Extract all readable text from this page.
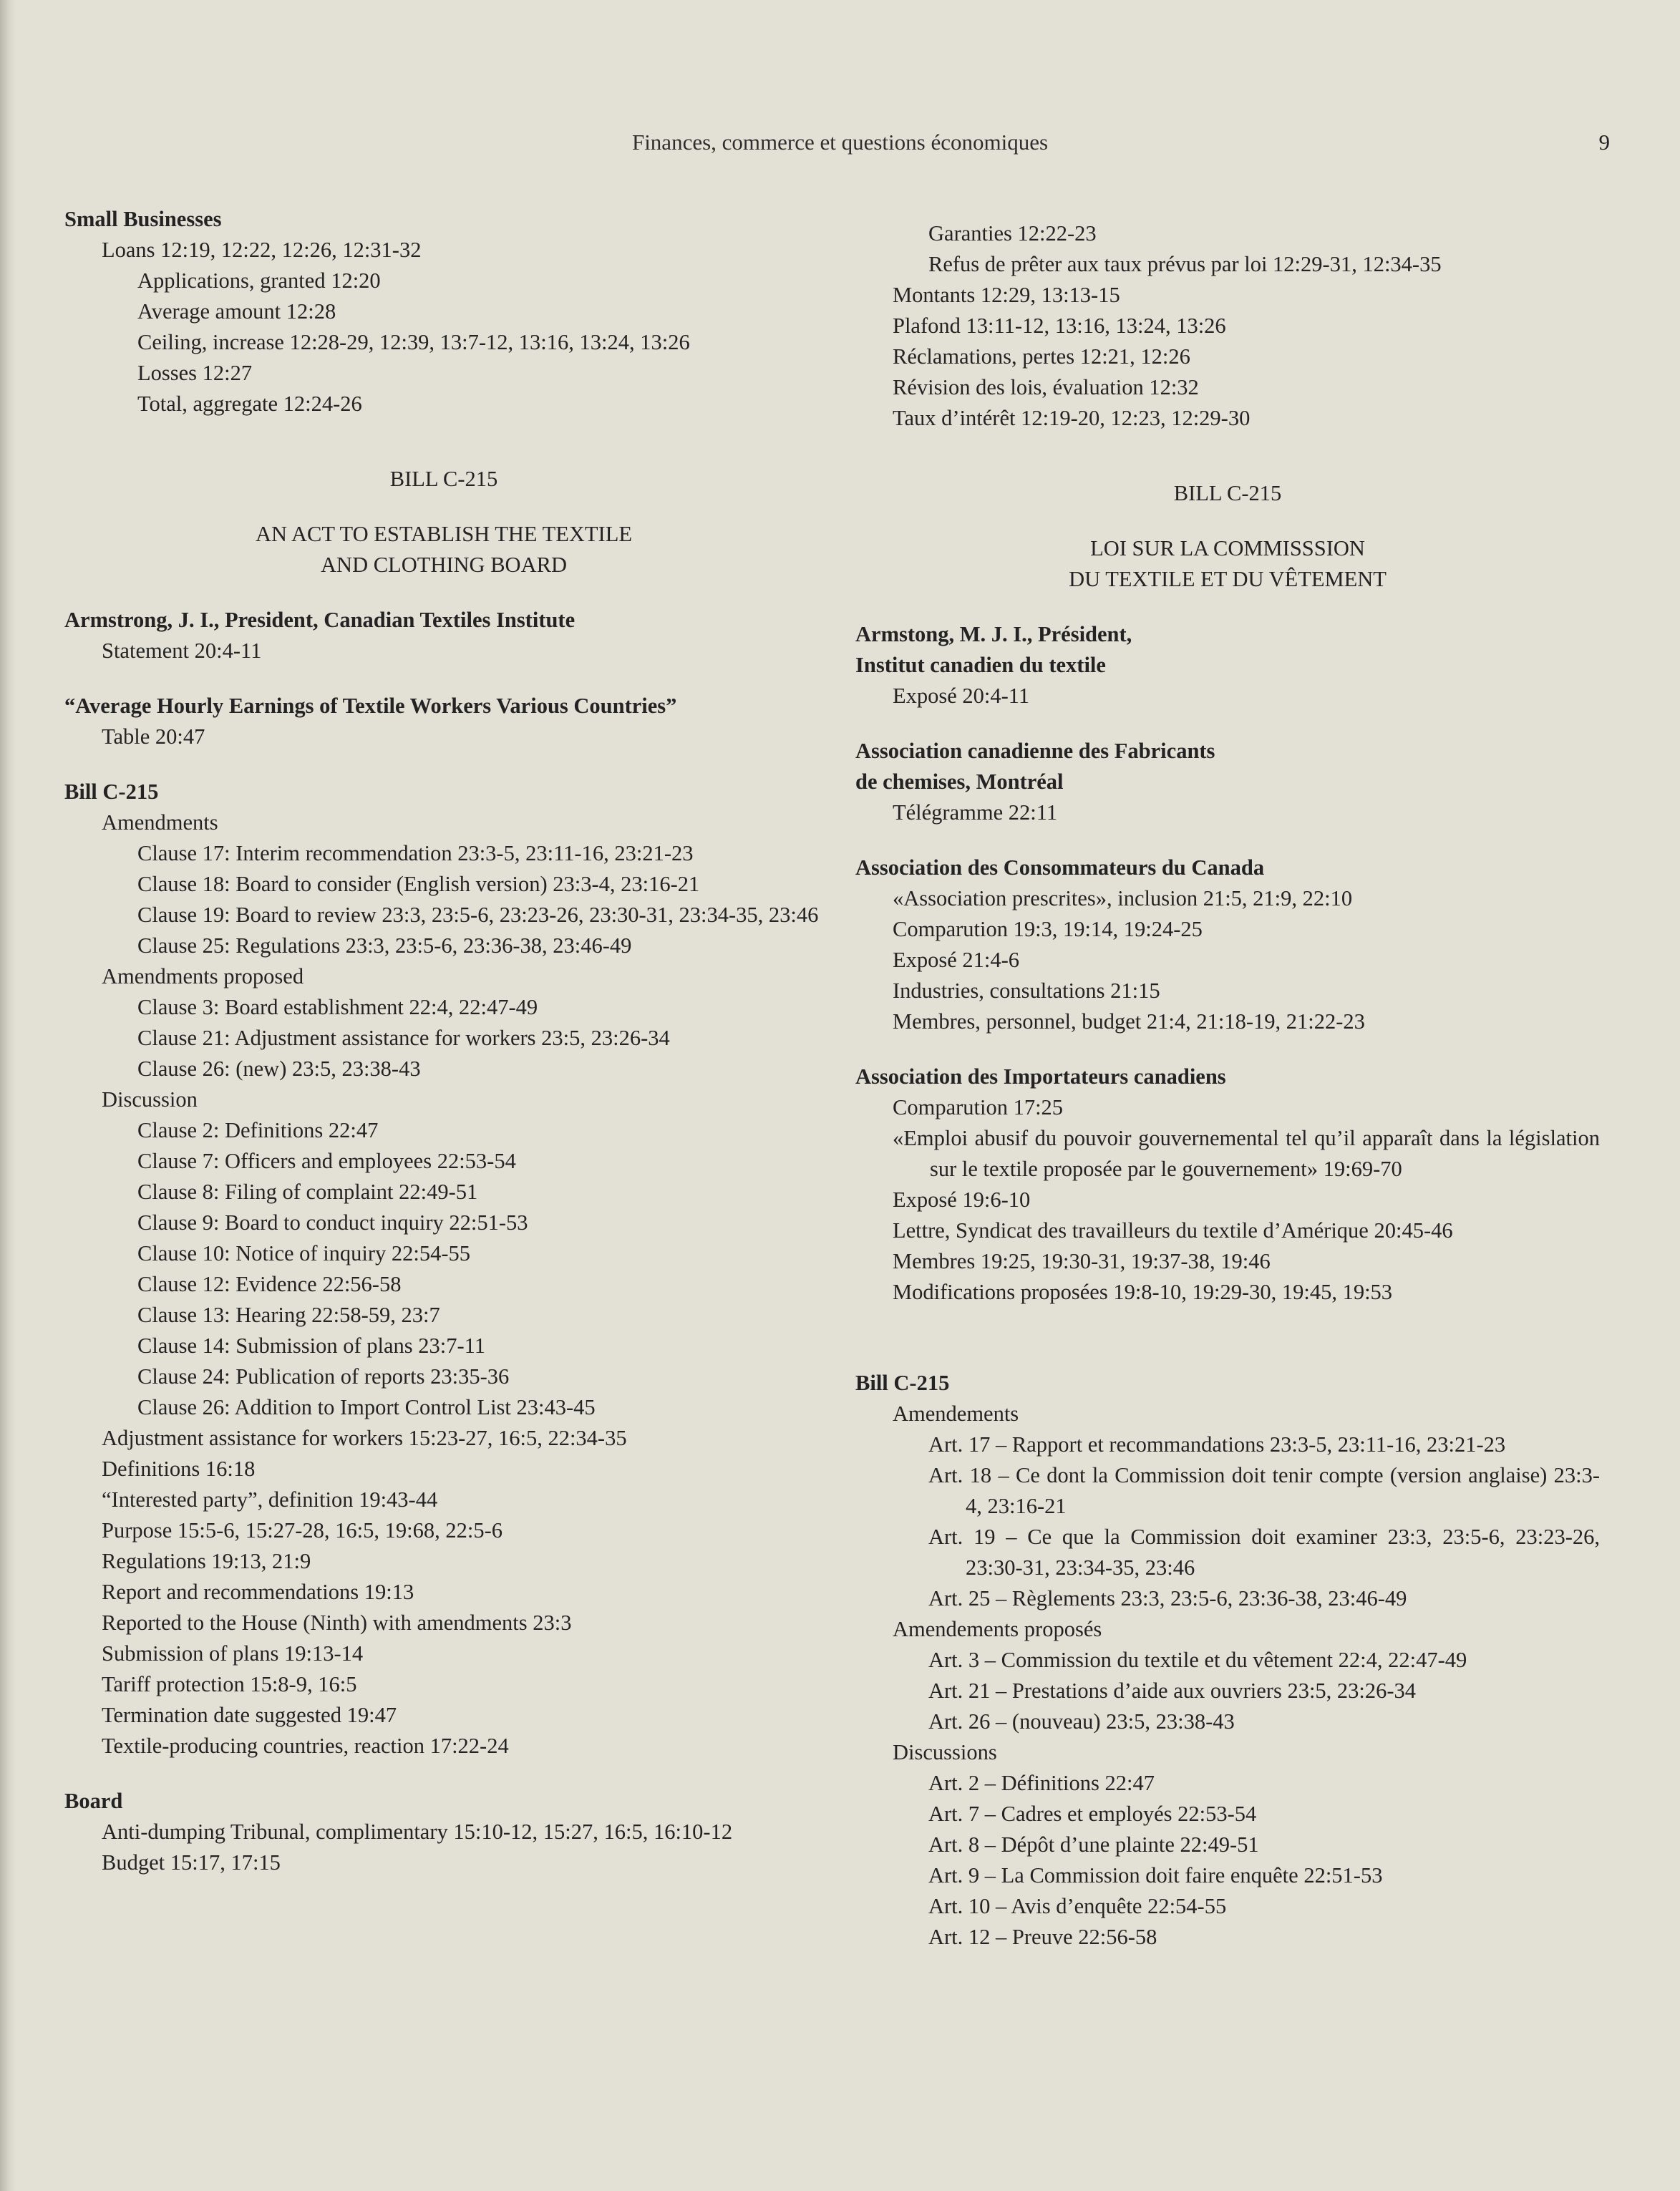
Finances, commerce et questions économiques	9
Small Businesses
Loans 12:19, 12:22, 12:26, 12:31-32
Applications, granted 12:20
Average amount 12:28
Ceiling, increase 12:28-29, 12:39, 13:7-12, 13:16, 13:24, 13:26
Losses 12:27
Total, aggregate 12:24-26
BILL C-215
AN ACT TO ESTABLISH THE TEXTILE
AND CLOTHING BOARD
Armstrong, J. I., President, Canadian Textiles Institute
Statement 20:4-11
“Average Hourly Earnings of Textile Workers Various Countries”
Table 20:47
Bill C-215
Amendments
Clause 17: Interim recommendation 23:3-5, 23:11-16, 23:21-23
Clause 18: Board to consider (English version) 23:3-4, 23:16-21
Clause 19: Board to review 23:3, 23:5-6, 23:23-26, 23:30-31, 23:34-35, 23:46
Clause 25: Regulations 23:3, 23:5-6, 23:36-38, 23:46-49
Amendments proposed
Clause 3: Board establishment 22:4, 22:47-49
Clause 21: Adjustment assistance for workers 23:5, 23:26-34
Clause 26: (new) 23:5, 23:38-43
Discussion
Clause 2: Definitions 22:47
Clause 7: Officers and employees 22:53-54
Clause 8: Filing of complaint 22:49-51
Clause 9: Board to conduct inquiry 22:51-53
Clause 10: Notice of inquiry 22:54-55
Clause 12: Evidence 22:56-58
Clause 13: Hearing 22:58-59, 23:7
Clause 14: Submission of plans 23:7-11
Clause 24: Publication of reports 23:35-36
Clause 26: Addition to Import Control List 23:43-45
Adjustment assistance for workers 15:23-27, 16:5, 22:34-35
Definitions 16:18
“Interested party”, definition 19:43-44
Purpose 15:5-6, 15:27-28, 16:5, 19:68, 22:5-6
Regulations 19:13, 21:9
Report and recommendations 19:13
Reported to the House (Ninth) with amendments 23:3
Submission of plans 19:13-14
Tariff protection 15:8-9, 16:5
Termination date suggested 19:47
Textile-producing countries, reaction 17:22-24
Board
Anti-dumping Tribunal, complimentary 15:10-12, 15:27, 16:5, 16:10-12
Budget 15:17, 17:15
Garanties 12:22-23
Refus de prêter aux taux prévus par loi 12:29-31, 12:34-35
Montants 12:29, 13:13-15
Plafond 13:11-12, 13:16, 13:24, 13:26
Réclamations, pertes 12:21, 12:26
Révision des lois, évaluation 12:32
Taux d’intérêt 12:19-20, 12:23, 12:29-30
BILL C-215
LOI SUR LA COMMISSSION
DU TEXTILE ET DU VÊTEMENT
Armstong, M. J. I., Président,
Institut canadien du textile
Exposé 20:4-11
Association canadienne des Fabricants
de chemises, Montréal
Télégramme 22:11
Association des Consommateurs du Canada
«Association prescrites», inclusion 21:5, 21:9, 22:10
Comparution 19:3, 19:14, 19:24-25
Exposé 21:4-6
Industries, consultations 21:15
Membres, personnel, budget 21:4, 21:18-19, 21:22-23
Association des Importateurs canadiens
Comparution 17:25
«Emploi abusif du pouvoir gouvernemental tel qu’il apparaît dans la législation sur le textile proposée par le gouvernement» 19:69-70
Exposé 19:6-10
Lettre, Syndicat des travailleurs du textile d’Amérique 20:45-46
Membres 19:25, 19:30-31, 19:37-38, 19:46
Modifications proposées 19:8-10, 19:29-30, 19:45, 19:53
Bill C-215
Amendements
Art. 17 – Rapport et recommandations 23:3-5, 23:11-16, 23:21-23
Art. 18 – Ce dont la Commission doit tenir compte (version anglaise) 23:3-4, 23:16-21
Art. 19 – Ce que la Commission doit examiner 23:3, 23:5-6, 23:23-26, 23:30-31, 23:34-35, 23:46
Art. 25 – Règlements 23:3, 23:5-6, 23:36-38, 23:46-49
Amendements proposés
Art. 3 – Commission du textile et du vêtement 22:4, 22:47-49
Art. 21 – Prestations d’aide aux ouvriers 23:5, 23:26-34
Art. 26 – (nouveau) 23:5, 23:38-43
Discussions
Art. 2 – Définitions 22:47
Art. 7 – Cadres et employés 22:53-54
Art. 8 – Dépôt d’une plainte 22:49-51
Art. 9 – La Commission doit faire enquête 22:51-53
Art. 10 – Avis d’enquête 22:54-55
Art. 12 – Preuve 22:56-58
